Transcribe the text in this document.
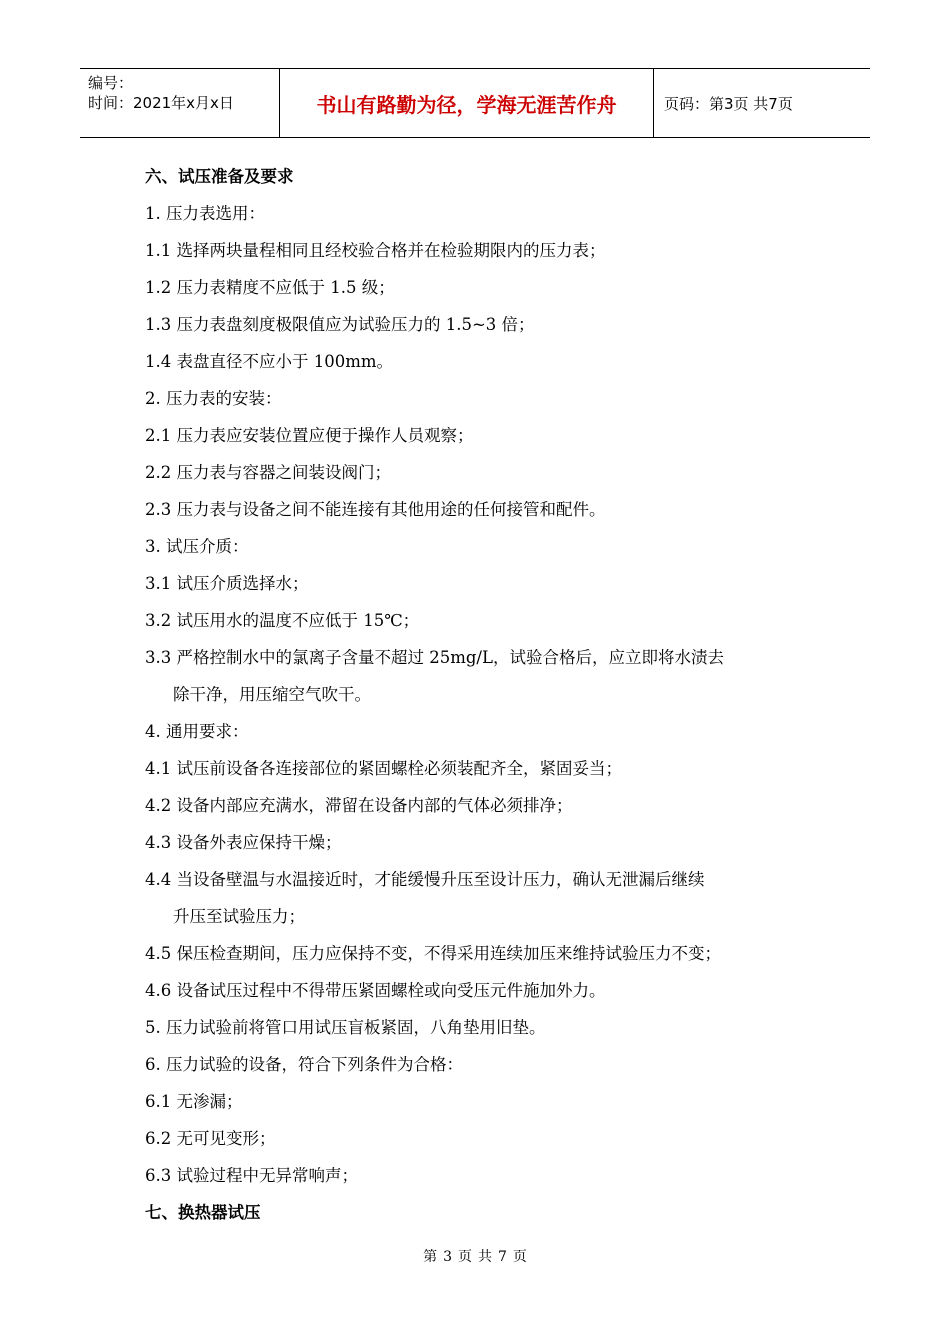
编号：
时间：2021年x月x日	书山有路勤为径，学海无涯苦作舟	页码：第3页 共7页

六、试压准备及要求

1. 压力表选用：

1.1 选择两块量程相同且经校验合格并在检验期限内的压力表；

1.2 压力表精度不应低于 1.5 级；

1.3 压力表盘刻度极限值应为试验压力的 1.5~3 倍；

1.4 表盘直径不应小于 100mm。

2. 压力表的安装：

2.1 压力表应安装位置应便于操作人员观察；

2.2 压力表与容器之间装设阀门；

2.3 压力表与设备之间不能连接有其他用途的任何接管和配件。

3. 试压介质：

3.1 试压介质选择水；

3.2 试压用水的温度不应低于 15℃；

3.3 严格控制水中的氯离子含量不超过 25mg/L，试验合格后，应立即将水渍去

除干净，用压缩空气吹干。

4. 通用要求：

4.1 试压前设备各连接部位的紧固螺栓必须装配齐全，紧固妥当；

4.2 设备内部应充满水，滞留在设备内部的气体必须排净；

4.3 设备外表应保持干燥；

4.4 当设备壁温与水温接近时，才能缓慢升压至设计压力，确认无泄漏后继续

升压至试验压力；

4.5 保压检查期间，压力应保持不变，不得采用连续加压来维持试验压力不变；

4.6 设备试压过程中不得带压紧固螺栓或向受压元件施加外力。

5. 压力试验前将管口用试压盲板紧固，八角垫用旧垫。

6. 压力试验的设备，符合下列条件为合格：

6.1 无渗漏；

6.2 无可见变形；

6.3 试验过程中无异常响声；

七、换热器试压

第 3 页 共 7 页
